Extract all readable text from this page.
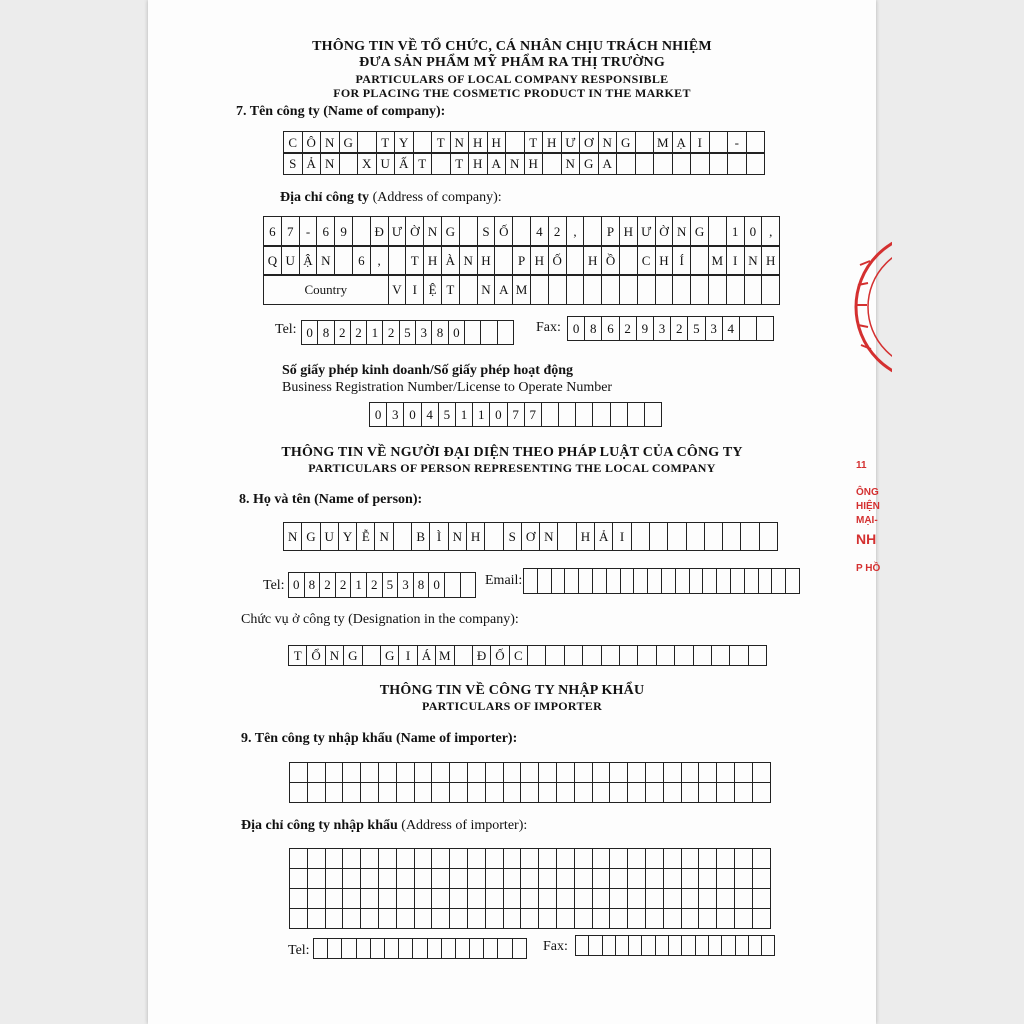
THÔNG TIN VỀ TỔ CHỨC, CÁ NHÂN CHỊU TRÁCH NHIỆM
ĐƯA SẢN PHẨM MỸ PHẨM RA THỊ TRƯỜNG
PARTICULARS OF LOCAL COMPANY RESPONSIBLE
FOR PLACING THE COSMETIC PRODUCT IN THE MARKET
7. Tên công ty (Name of company):
C Ô N G	T Y	T N H H	T H Ư Ơ N G	M Ạ I	-
S Ả N	X U Ấ T	T H A N H	N G A
Địa chỉ công ty (Address of company):
6 7 - 6 9	Đ Ư Ờ N G	S Ố	4 2 ,	P H Ư Ờ N G	1 0 ,
Q U Ậ N	6 ,	T H À N H	P H Ố	H Ồ	C H Í	M I N H
Country	V I Ệ T	N A M
Tel: 0 8 2 2 1 2 5 3 8 0	Fax: 0 8 6 2 9 3 2 5 3 4
Số giấy phép kinh doanh/Số giấy phép hoạt động
Business Registration Number/License to Operate Number
0 3 0 4 5 1 1 0 7 7
THÔNG TIN VỀ NGƯỜI ĐẠI DIỆN THEO PHÁP LUẬT CỦA CÔNG TY
PARTICULARS OF PERSON REPRESENTING THE LOCAL COMPANY
8. Họ và tên (Name of person):
N G U Y Ễ N	B Ì N H	S Ơ N	H Ả I
Tel: 0 8 2 2 1 2 5 3 8 0	Email:
Chức vụ ở công ty (Designation in the company):
T Ổ N G	G I Á M	Đ Ố C
THÔNG TIN VỀ CÔNG TY NHẬP KHẨU
PARTICULARS OF IMPORTER
9. Tên công ty nhập khẩu (Name of importer):
Địa chỉ công ty nhập khẩu (Address of importer):
Tel:	Fax:
11
ÔNG
HIỆN
MẠI-
NH
P HỒ
